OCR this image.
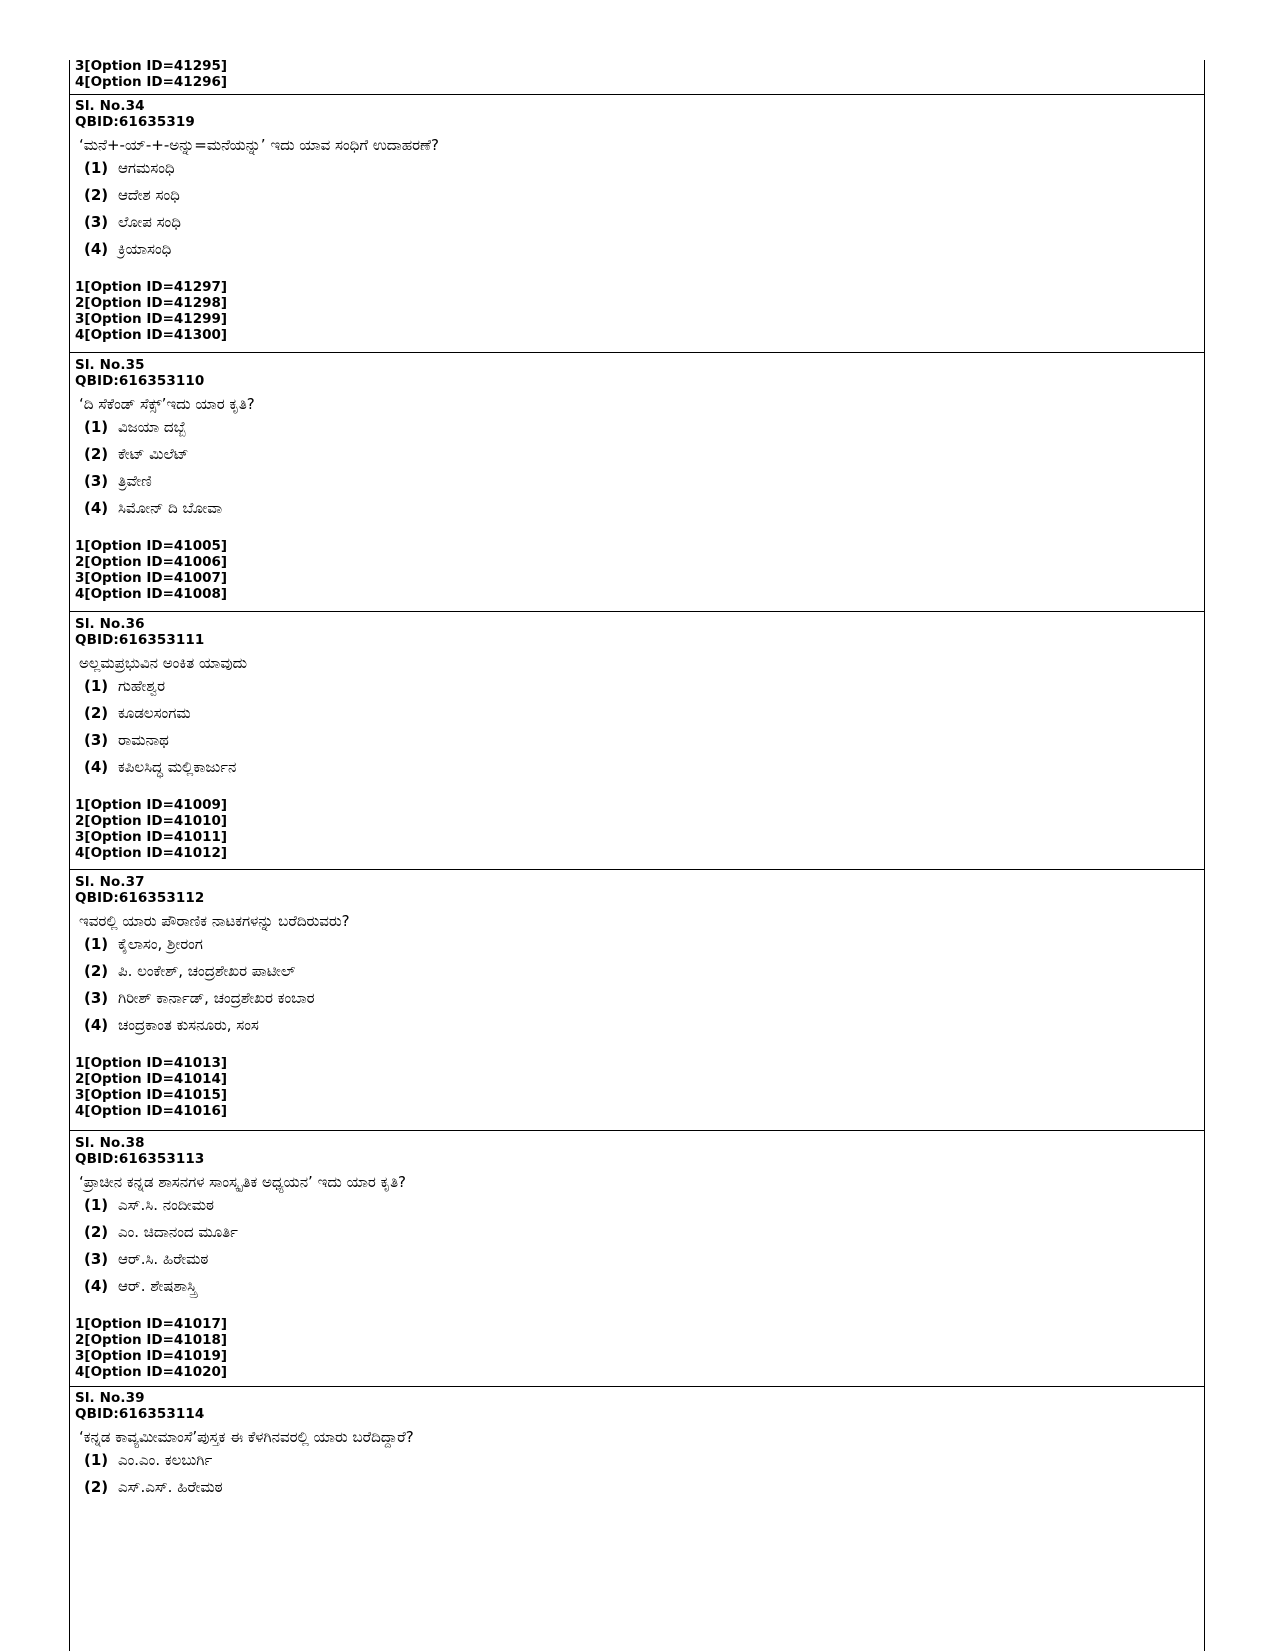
3[Option ID=41295]
4[Option ID=41296]
Sl. No.34
QBID:61635319
‘ಮನೆ+-ಯ್-+-ಅನ್ನು=ಮನೆಯನ್ನು’ ಇದು ಯಾವ ಸಂಧಿಗೆ ಉದಾಹರಣೆ?
(1) ಆಗಮಸಂಧಿ
(2) ಆದೇಶ ಸಂಧಿ
(3) ಲೋಪ ಸಂಧಿ
(4) ಕ್ರಿಯಾಸಂಧಿ
1[Option ID=41297]
2[Option ID=41298]
3[Option ID=41299]
4[Option ID=41300]
Sl. No.35
QBID:616353110
‘ದಿ ಸೆಕೆಂಡ್ ಸೆಕ್ಸ್’ಇದು ಯಾರ ಕೃತಿ?
(1) ವಿಜಯಾ ದಬ್ಬೆ
(2) ಕೇಟ್ ಮಿಲೆಟ್
(3) ತ್ರಿವೇಣಿ
(4) ಸಿಮೋನ್ ದಿ ಬೋವಾ
1[Option ID=41005]
2[Option ID=41006]
3[Option ID=41007]
4[Option ID=41008]
Sl. No.36
QBID:616353111
ಅಲ್ಲಮಪ್ರಭುವಿನ ಅಂಕಿತ ಯಾವುದು
(1) ಗುಹೇಶ್ವರ
(2) ಕೂಡಲಸಂಗಮ
(3) ರಾಮನಾಥ
(4) ಕಪಿಲಸಿದ್ಧ ಮಲ್ಲಿಕಾರ್ಜುನ
1[Option ID=41009]
2[Option ID=41010]
3[Option ID=41011]
4[Option ID=41012]
Sl. No.37
QBID:616353112
ಇವರಲ್ಲಿ ಯಾರು ಪೌರಾಣಿಕ ನಾಟಕಗಳನ್ನು ಬರೆದಿರುವರು?
(1) ಕೈಲಾಸಂ, ಶ್ರೀರಂಗ
(2) ಪಿ. ಲಂಕೇಶ್, ಚಂದ್ರಶೇಖರ ಪಾಟೀಲ್
(3) ಗಿರೀಶ್ ಕಾರ್ನಾಡ್, ಚಂದ್ರಶೇಖರ ಕಂಬಾರ
(4) ಚಂದ್ರಕಾಂತ ಕುಸನೂರು, ಸಂಸ
1[Option ID=41013]
2[Option ID=41014]
3[Option ID=41015]
4[Option ID=41016]
Sl. No.38
QBID:616353113
‘ಪ್ರಾಚೀನ ಕನ್ನಡ ಶಾಸನಗಳ ಸಾಂಸ್ಕೃತಿಕ ಅಧ್ಯಯನ’ ಇದು ಯಾರ ಕೃತಿ?
(1) ಎಸ್.ಸಿ. ನಂದೀಮಠ
(2) ಎಂ. ಚಿದಾನಂದ ಮೂರ್ತಿ
(3) ಆರ್.ಸಿ. ಹಿರೇಮಠ
(4) ಆರ್. ಶೇಷಶಾಸ್ತ್ರಿ
1[Option ID=41017]
2[Option ID=41018]
3[Option ID=41019]
4[Option ID=41020]
Sl. No.39
QBID:616353114
‘ಕನ್ನಡ ಕಾವ್ಯಮೀಮಾಂಸೆ’ಪುಸ್ತಕ ಈ ಕೆಳಗಿನವರಲ್ಲಿ ಯಾರು ಬರೆದಿದ್ದಾರೆ?
(1) ಎಂ.ಎಂ. ಕಲಬುರ್ಗಿ
(2) ಎಸ್.ಎಸ್. ಹಿರೇಮಠ
